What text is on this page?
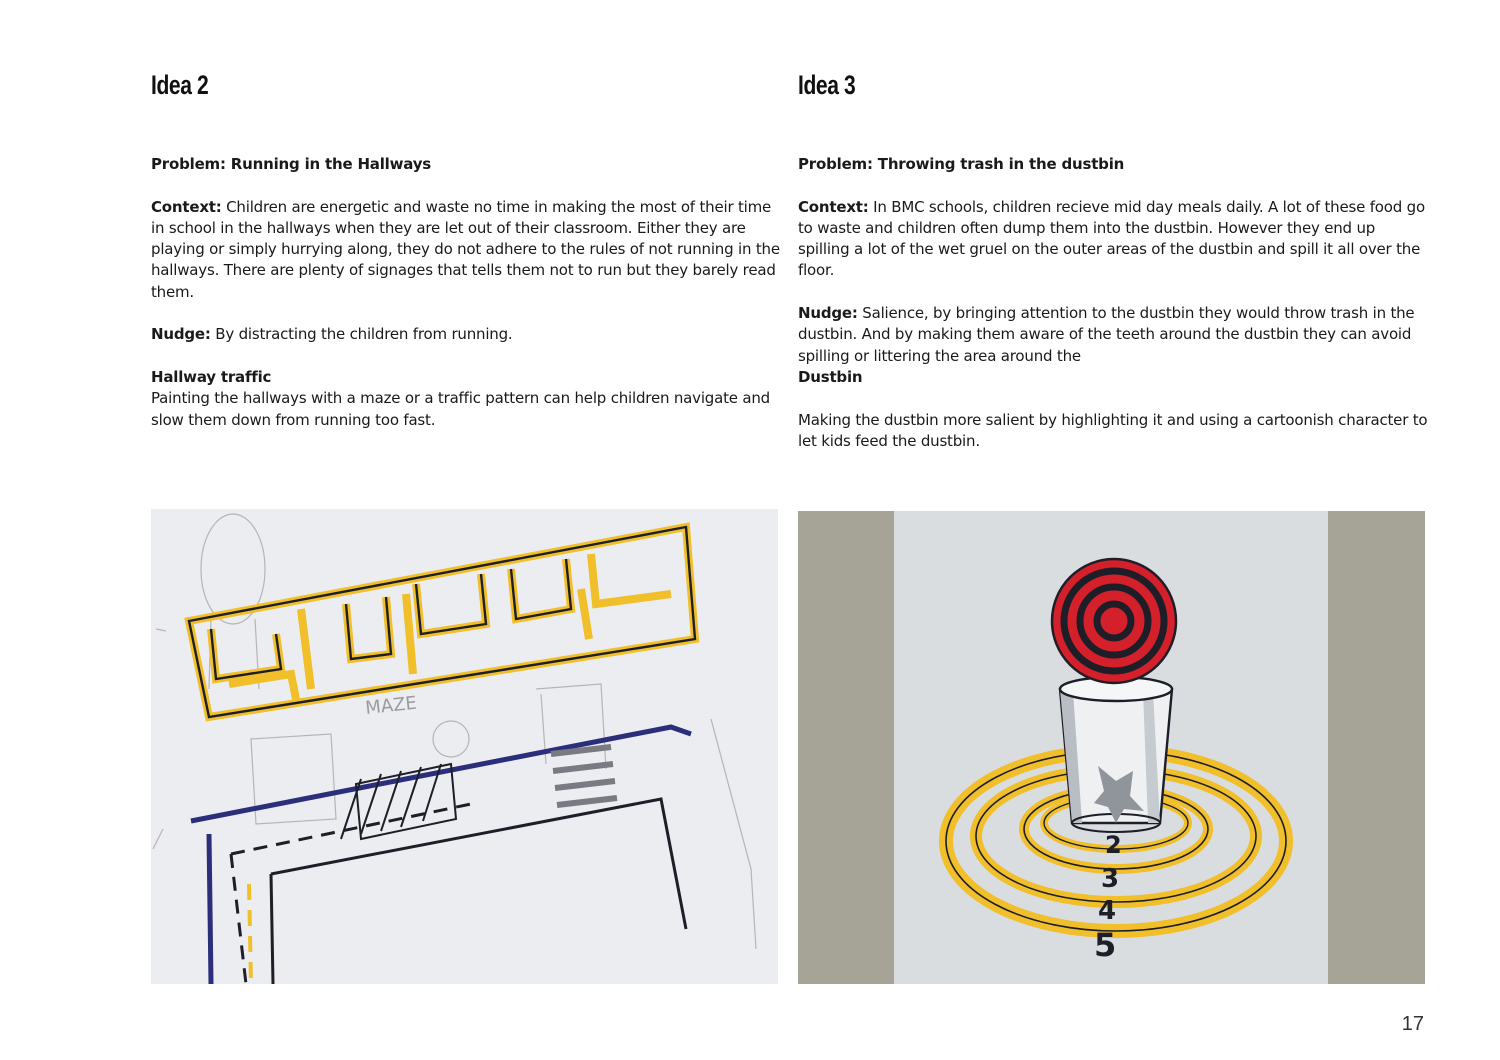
Idea 2

Problem: Running in the Hallways

Context: Children are energetic and waste no time in making the most of their time in school in the hallways when they are let out of their classroom. Either they are playing or simply hurrying along, they do not adhere to the rules of not running in the hallways. There are plenty of signages that tells them not to run but they barely read them.

Nudge: By distracting the children from running.

Hallway traffic

Painting the hallways with a maze or a traffic pattern can help children navigate and slow them down from running too fast.

MAZE
Idea 3

Problem: Throwing trash in the dustbin

Context: In BMC schools, children recieve mid day meals daily. A lot of these food go to waste and children often dump them into the dustbin. However they end up spilling a lot of the wet gruel on the outer areas of the dustbin and spill it all over the floor.

Nudge: Salience, by bringing attention to the dustbin they would throw trash in the dustbin. And by making them aware of the teeth around the dustbin they can avoid spilling or littering the area around the

Dustbin

Making the dustbin more salient by highlighting it and using a cartoonish character to let kids feed the dustbin.

2
3
4
5
17
